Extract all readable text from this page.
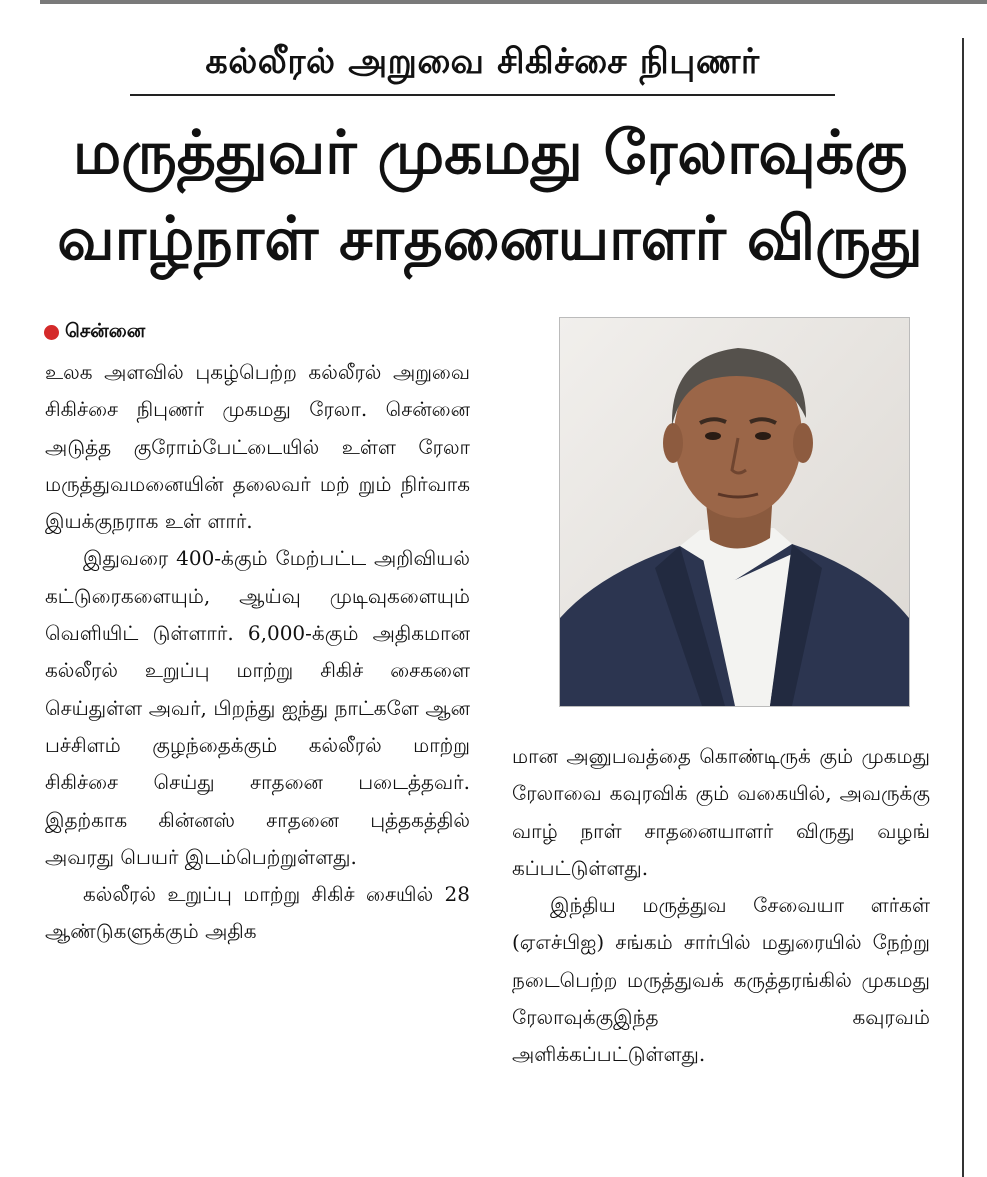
கல்லீரல் அறுவை சிகிச்சை நிபுணர்
மருத்துவர் முகமது ரேலாவுக்கு
வாழ்நாள் சாதனையாளர் விருது
சென்னை

உலக அளவில் புகழ்பெற்ற கல்லீரல் அறுவை சிகிச்சை நிபுணர் முகமது ரேலா. சென்னை அடுத்த குரோம்பேட்டையில் உள்ள ரேலா மருத்துவமனையின் தலைவர் மற் றும் நிர்வாக இயக்குநராக உள் ளார்.

இதுவரை 400-க்கும் மேற்பட்ட அறிவியல் கட்டுரைகளையும், ஆய்வு முடிவுகளையும் வெளியிட் டுள்ளார். 6,000-க்கும் அதிகமான கல்லீரல் உறுப்பு மாற்று சிகிச் சைகளை செய்துள்ள அவர், பிறந்து ஐந்து நாட்களே ஆன பச்சிளம் குழந்தைக்கும் கல்லீரல் மாற்று சிகிச்சை செய்து சாதனை படைத்தவர். இதற்காக கின்னஸ் சாதனை புத்தகத்தில் அவரது பெயர் இடம்பெற்றுள்ளது.

கல்லீரல் உறுப்பு மாற்று சிகிச் சையில் 28 ஆண்டுகளுக்கும் அதிக

மான அனுபவத்தை கொண்டிருக் கும் முகமது ரேலாவை கவுரவிக் கும் வகையில், அவருக்கு வாழ் நாள் சாதனையாளர் விருது வழங் கப்பட்டுள்ளது.

இந்திய மருத்துவ சேவையா ளர்கள் (ஏஎச்பிஐ) சங்கம் சார்பில் மதுரையில் நேற்று நடைபெற்ற மருத்துவக் கருத்தரங்கில் முகமது ரேலாவுக்குஇந்த கவுரவம் அளிக்கப்பட்டுள்ளது.
